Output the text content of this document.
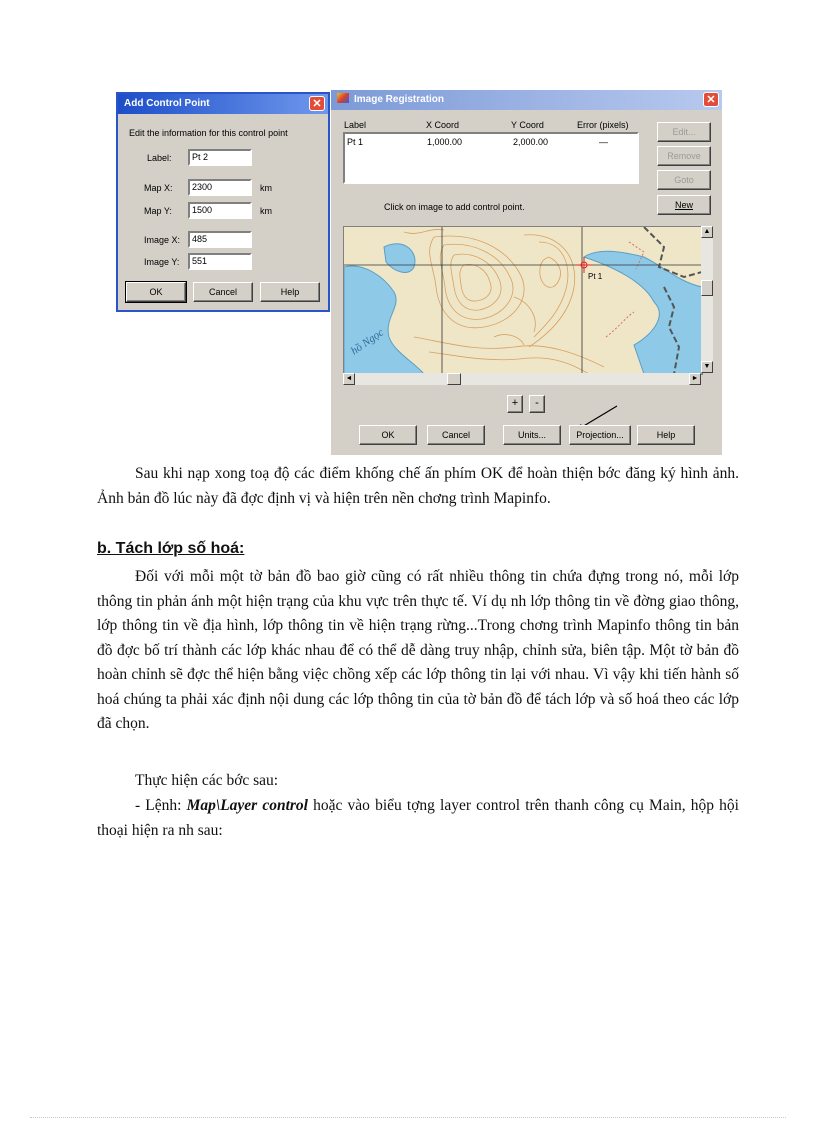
Image Registration	✕
Label	X Coord	Y Coord	Error (pixels)
Pt 1	1,000.00	2,000.00	—
Edit...
Remove
Goto
New
Click on image to add control point.
Pt 1
hồ Ngọc
▲
▼
◄	►
+	-
OK	Cancel	Units...	Projection...	Help
Add Control Point	✕
Edit the information for this control point
Label:	Pt 2
Map X:	2300	km
Map Y:	1500	km
Image X:	485
Image Y:	551
OK	Cancel	Help
Sau khi nạp xong toạ độ các điểm khống chế ấn phím OK để hoàn thiện bớc đăng ký hình ảnh. Ảnh bản đồ lúc này đã đợc định vị và hiện trên nền chơng trình Mapinfo.
b. Tách lớp số hoá:
Đối với mỗi một tờ bản đồ bao giờ cũng có rất nhiều thông tin chứa đựng trong nó, mỗi lớp thông tin phản ánh một hiện trạng của khu vực trên thực tế. Ví dụ nh lớp thông tin về đờng giao thông, lớp thông tin về địa hình, lớp thông tin về hiện trạng rừng...Trong chơng trình Mapinfo thông tin bản đồ đợc bố trí thành các lớp khác nhau để có thể dễ dàng truy nhập, chỉnh sửa, biên tập. Một tờ bản đồ hoàn chỉnh sẽ đợc thể hiện bằng việc chồng xếp các lớp thông tin lại với nhau. Vì vậy khi tiến hành số hoá chúng ta phải xác định nội dung các lớp thông tin của tờ bản đồ để tách lớp và số hoá theo các lớp đã chọn.
Thực hiện các bớc sau:
- Lệnh: Map\Layer control hoặc vào biểu tợng layer control trên thanh công cụ Main, hộp hội thoại hiện ra nh sau:
